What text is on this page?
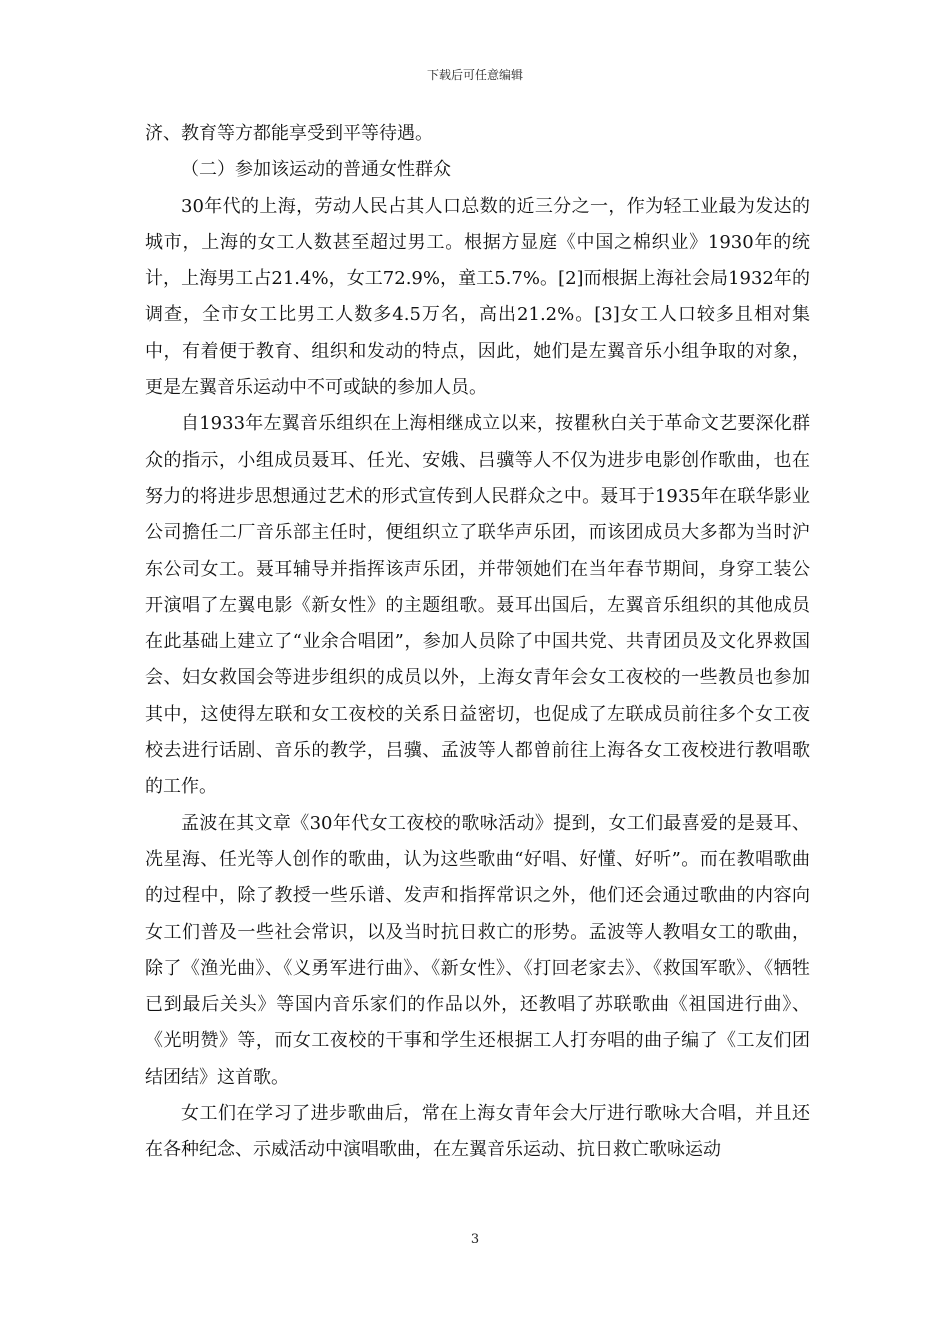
下载后可任意编辑

济、教育等方都能享受到平等待遇。

（二）参加该运动的普通女性群众

30年代的上海，劳动人民占其人口总数的近三分之一，作为轻工业最为发达的城市，上海的女工人数甚至超过男工。根据方显庭《中国之棉织业》1930年的统计，上海男工占21.4%，女工72.9%，童工5.7%。[2]而根据上海社会局1932年的调查，全市女工比男工人数多4.5万名，高出21.2%。[3]女工人口较多且相对集中，有着便于教育、组织和发动的特点，因此，她们是左翼音乐小组争取的对象，更是左翼音乐运动中不可或缺的参加人员。

自1933年左翼音乐组织在上海相继成立以来，按瞿秋白关于革命文艺要深化群众的指示，小组成员聂耳、任光、安娥、吕骥等人不仅为进步电影创作歌曲，也在努力的将进步思想通过艺术的形式宣传到人民群众之中。聂耳于1935年在联华影业公司擔任二厂音乐部主任时，便组织立了联华声乐团，而该团成员大多都为当时沪东公司女工。聂耳辅导并指挥该声乐团，并带领她们在当年春节期间，身穿工装公开演唱了左翼电影《新女性》的主题组歌。聂耳出国后，左翼音乐组织的其他成员在此基础上建立了“业余合唱团”，参加人员除了中国共党、共青团员及文化界救国会、妇女救国会等进步组织的成员以外，上海女青年会女工夜校的一些教员也参加其中，这使得左联和女工夜校的关系日益密切，也促成了左联成员前往多个女工夜校去进行话剧、音乐的教学，吕骥、孟波等人都曾前往上海各女工夜校进行教唱歌的工作。

孟波在其文章《30年代女工夜校的歌咏活动》提到，女工们最喜爱的是聂耳、冼星海、任光等人创作的歌曲，认为这些歌曲“好唱、好懂、好听”。而在教唱歌曲的过程中，除了教授一些乐谱、发声和指挥常识之外，他们还会通过歌曲的内容向女工们普及一些社会常识，以及当时抗日救亡的形势。孟波等人教唱女工的歌曲，除了《渔光曲》、《义勇军进行曲》、《新女性》、《打回老家去》、《救国军歌》、《牺牲已到最后关头》等国内音乐家们的作品以外，还教唱了苏联歌曲《祖国进行曲》、《光明赞》等，而女工夜校的干事和学生还根据工人打夯唱的曲子编了《工友们团结团结》这首歌。

女工们在学习了进步歌曲后，常在上海女青年会大厅进行歌咏大合唱，并且还在各种纪念、示威活动中演唱歌曲，在左翼音乐运动、抗日救亡歌咏运动

3
